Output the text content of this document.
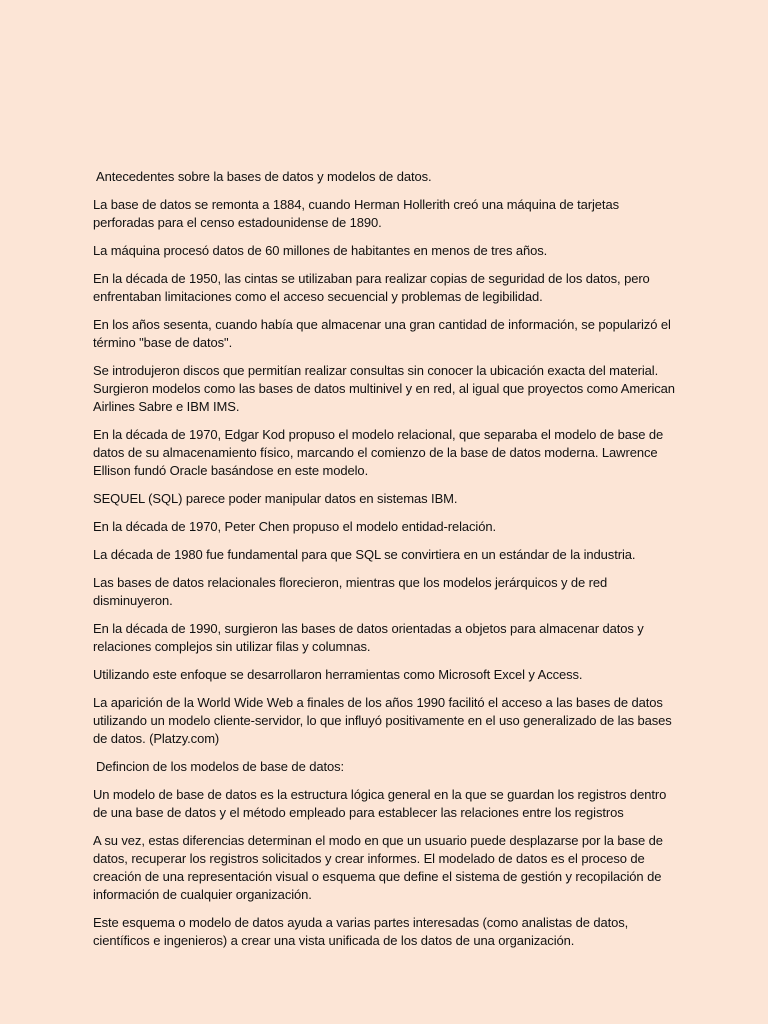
Antecedentes sobre la bases de datos y modelos de datos.

La base de datos se remonta a 1884, cuando Herman Hollerith creó una máquina de tarjetas perforadas para el censo estadounidense de 1890.

La máquina procesó datos de 60 millones de habitantes en menos de tres años.

En la década de 1950, las cintas se utilizaban para realizar copias de seguridad de los datos, pero enfrentaban limitaciones como el acceso secuencial y problemas de legibilidad.

En los años sesenta, cuando había que almacenar una gran cantidad de información, se popularizó el término "base de datos".

Se introdujeron discos que permitían realizar consultas sin conocer la ubicación exacta del material. Surgieron modelos como las bases de datos multinivel y en red, al igual que proyectos como American Airlines Sabre e IBM IMS.

En la década de 1970, Edgar Kod propuso el modelo relacional, que separaba el modelo de base de datos de su almacenamiento físico, marcando el comienzo de la base de datos moderna. Lawrence Ellison fundó Oracle basándose en este modelo.

SEQUEL (SQL) parece poder manipular datos en sistemas IBM.

En la década de 1970, Peter Chen propuso el modelo entidad-relación.

La década de 1980 fue fundamental para que SQL se convirtiera en un estándar de la industria.

Las bases de datos relacionales florecieron, mientras que los modelos jerárquicos y de red disminuyeron.

En la década de 1990, surgieron las bases de datos orientadas a objetos para almacenar datos y relaciones complejos sin utilizar filas y columnas.

Utilizando este enfoque se desarrollaron herramientas como Microsoft Excel y Access.

La aparición de la World Wide Web a finales de los años 1990 facilitó el acceso a las bases de datos utilizando un modelo cliente-servidor, lo que influyó positivamente en el uso generalizado de las bases de datos. (Platzy.com)

Defincion de los modelos de base de datos:

Un modelo de base de datos es la estructura lógica general en la que se guardan los registros dentro de una base de datos y el método empleado para establecer las relaciones entre los registros

A su vez, estas diferencias determinan el modo en que un usuario puede desplazarse por la base de datos, recuperar los registros solicitados y crear informes. El modelado de datos es el proceso de creación de una representación visual o esquema que define el sistema de gestión y recopilación de información de cualquier organización.

Este esquema o modelo de datos ayuda a varias partes interesadas (como analistas de datos, científicos e ingenieros) a crear una vista unificada de los datos de una organización.
